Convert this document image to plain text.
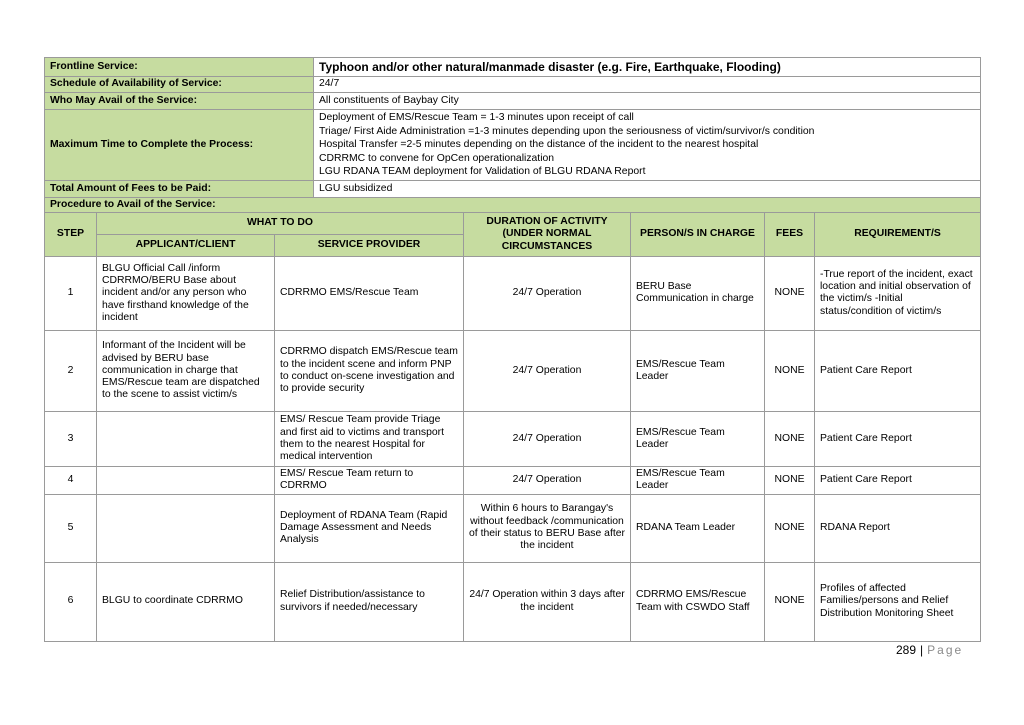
Frontline Service:	Typhoon and/or other natural/manmade disaster (e.g. Fire, Earthquake, Flooding)
Schedule of Availability of Service:	24/7
Who May Avail of the Service:	All constituents of Baybay City
Maximum Time to Complete the Process:	Deployment of EMS/Rescue Team = 1-3 minutes upon receipt of call
Triage/ First Aide Administration =1-3 minutes depending upon the seriousness of victim/survivor/s condition
Hospital Transfer =2-5 minutes depending on the distance of the incident to the nearest hospital
CDRRMC to convene for OpCen operationalization
LGU RDANA TEAM deployment for Validation of BLGU RDANA Report

Total Amount of Fees to be Paid:	LGU subsidized
Procedure to Avail of the Service:	
STEP	WHAT TO DO		DURATION OF ACTIVITY (UNDER NORMAL CIRCUMSTANCES	PERSON/S IN CHARGE	FEES	REQUIREMENT/S
	APPLICANT/CLIENT	SERVICE PROVIDER				
1	BLGU Official Call /inform CDRRMO/BERU Base about incident and/or any person who have firsthand knowledge of the incident	CDRRMO EMS/Rescue Team	24/7 Operation	BERU Base Communication in charge	NONE	-True report of the incident, exact location and initial observation of the victim/s -Initial status/condition of victim/s
2	Informant of the Incident will be advised by BERU base communication in charge that EMS/Rescue team are dispatched to the scene to assist victim/s	CDRRMO dispatch EMS/Rescue team to the incident scene and inform PNP to conduct on-scene investigation and to provide security	24/7 Operation	EMS/Rescue Team Leader	NONE	Patient Care Report
3		EMS/ Rescue Team provide Triage and first aid to victims and transport them to the nearest Hospital for medical intervention	24/7 Operation	EMS/Rescue Team Leader	NONE	Patient Care Report
4		EMS/ Rescue Team return to CDRRMO	24/7 Operation	EMS/Rescue Team Leader	NONE	Patient Care Report
5		Deployment of RDANA Team (Rapid Damage Assessment and Needs Analysis	Within 6 hours to Barangay's without feedback /communication of their status to BERU Base after the incident	RDANA Team Leader	NONE	RDANA Report
6	BLGU to coordinate CDRRMO	Relief Distribution/assistance to survivors if needed/necessary	24/7 Operation within 3 days after the incident	CDRRMO EMS/Rescue Team with CSWDO Staff	NONE	Profiles of affected Families/persons and Relief Distribution Monitoring Sheet
289 | Page
